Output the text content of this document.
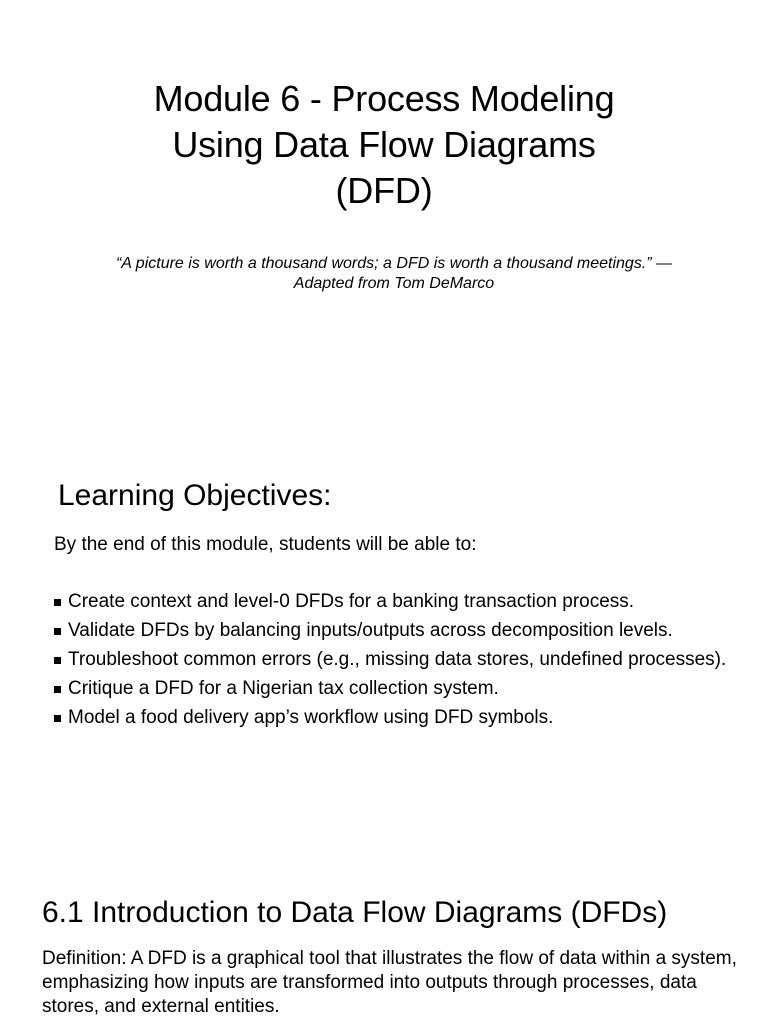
Module 6 - Process Modeling
Using Data Flow Diagrams
(DFD)

“A picture is worth a thousand words; a DFD is worth a thousand meetings.” — Adapted from Tom DeMarco

Learning Objectives:

By the end of this module, students will be able to:

Create context and level-0 DFDs for a banking transaction process.
Validate DFDs by balancing inputs/outputs across decomposition levels.
Troubleshoot common errors (e.g., missing data stores, undefined processes).
Critique a DFD for a Nigerian tax collection system.
Model a food delivery app’s workflow using DFD symbols.
6.1 Introduction to Data Flow Diagrams (DFDs)

Definition: A DFD is a graphical tool that illustrates the flow of data within a system, emphasizing how inputs are transformed into outputs through processes, data stores, and external entities.
